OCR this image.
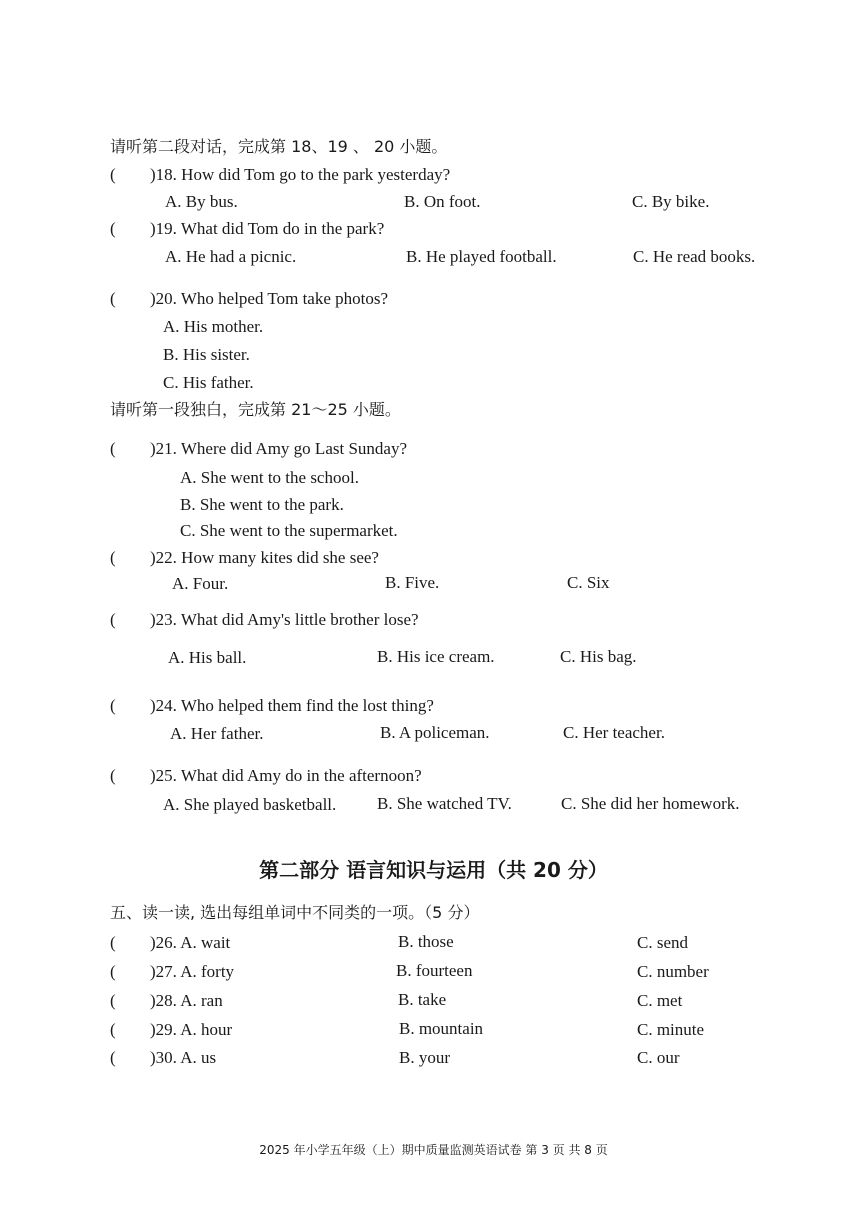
请听第二段对话，完成第 18、19 、 20 小题。
( )18. How did Tom go to the park yesterday?
A. By bus.	B. On foot.	C. By bike.
( )19. What did Tom do in the park?
A. He had a picnic.	B. He played football.	C. He read books.
( )20. Who helped Tom take photos?
A. His mother.
B. His sister.
C. His father.
请听第一段独白，完成第 21～25 小题。
( )21. Where did Amy go Last Sunday?
A. She went to the school.
B. She went to the park.
C. She went to the supermarket.
( )22. How many kites did she see?
A. Four.	B. Five.	C. Six
( )23. What did Amy's little brother lose?
A. His ball.	B. His ice cream.	C. His bag.
( )24. Who helped them find the lost thing?
A. Her father.	B. A policeman.	C. Her teacher.
( )25. What did Amy do in the afternoon?
A. She played basketball. B. She watched TV.	C. She did her homework.
第二部分 语言知识与运用（共 20 分）
五、读一读, 选出每组单词中不同类的一项。（5 分）
( )26. A. wait	B. those	C. send
( )27. A. forty	B. fourteen	C. number
( )28. A. ran	B. take	C. met
( )29. A. hour	B. mountain	C. minute
( )30. A. us	B. your	C. our
2025 年小学五年级（上）期中质量监测英语试卷 第 3 页 共 8 页
